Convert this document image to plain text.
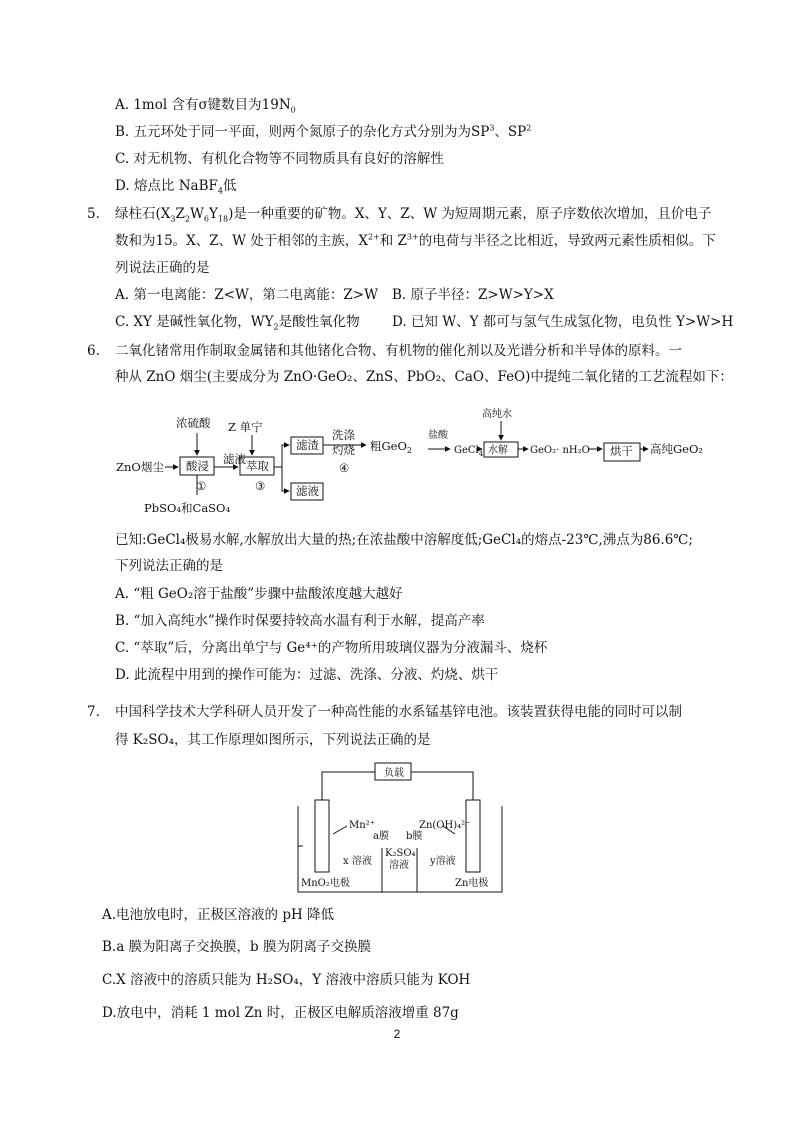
A. 1mol 含有σ键数目为$19N_0$
B. 五元环处于同一平面，则两个氮原子的杂化方式分别为为$SP^3$、$SP^2$
C. 对无机物、有机化合物等不同物质具有良好的溶解性
D. 熔点比 NaBF$_4$低
5. 绿柱石$(X_3Z_2W_6Y_{18})$是一种重要的矿物。X、Y、Z、W 为短周期元素，原子序数依次增加，且价电子
数和为15。X、Z、W 处于相邻的主族，$X^{2+}$和 $Z^{3+}$的电荷与半径之比相近，导致两元素性质相似。下
列说法正确的是
A. 第一电离能：Z<W，第二电离能：Z>W B. 原子半径：Z>W>Y>X
C. XY 是碱性氧化物，$WY_2$是酸性氧化物 D. 已知 W、Y 都可与氢气生成氢化物，电负性 Y>W>H
6. 二氧化锗常用作制取金属锗和其他锗化合物、有机物的催化剂以及光谱分析和半导体的原料。一
种从 ZnO 烟尘(主要成分为 ZnO·GeO₂、ZnS、PbO₂、CaO、FeO)中提纯二氧化锗的工艺流程如下：
ZnO烟尘
浓硫酸 Z 单宁
酸浸 滤液 萃取
滤渣
滤液
洗涤
灼烧
④
粗GeO$_2$
盐酸
GeCl$_4$
高纯水
水解 GeO₂· nH₂O 烘干 高纯GeO₂
①	③
PbSO₄和CaSO₄
已知:GeCl₄极易水解,水解放出大量的热;在浓盐酸中溶解度低;GeCl₄的熔点-23℃,沸点为86.6℃;
下列说法正确的是
A. “粗 GeO₂溶于盐酸”步骤中盐酸浓度越大越好
B. “加入高纯水”操作时保要持较高水温有利于水解，提高产率
C. “萃取”后，分离出单宁与 Ge⁴⁺的产物所用玻璃仪器为分液漏斗、烧杯
D. 此流程中用到的操作可能为：过滤、洗涤、分液、灼烧、烘干
7. 中国科学技术大学科研人员开发了一种高性能的水系锰基锌电池。该装置获得电能的同时可以制
得 K₂SO₄，其工作原理如图所示，下列说法正确的是
负载
a膜 b膜
Mn²⁺	Zn(OH)₄²⁻
K₂SO₄
溶液
x 溶液	y溶液
MnO₂电极	Zn电极
A.电池放电时，正极区溶液的 pH 降低
B.a 膜为阳离子交换膜，b 膜为阴离子交换膜
C.X 溶液中的溶质只能为 H₂SO₄，Y 溶液中溶质只能为 KOH
D.放电中，消耗 1 mol Zn 时，正极区电解质溶液增重 87g
2
